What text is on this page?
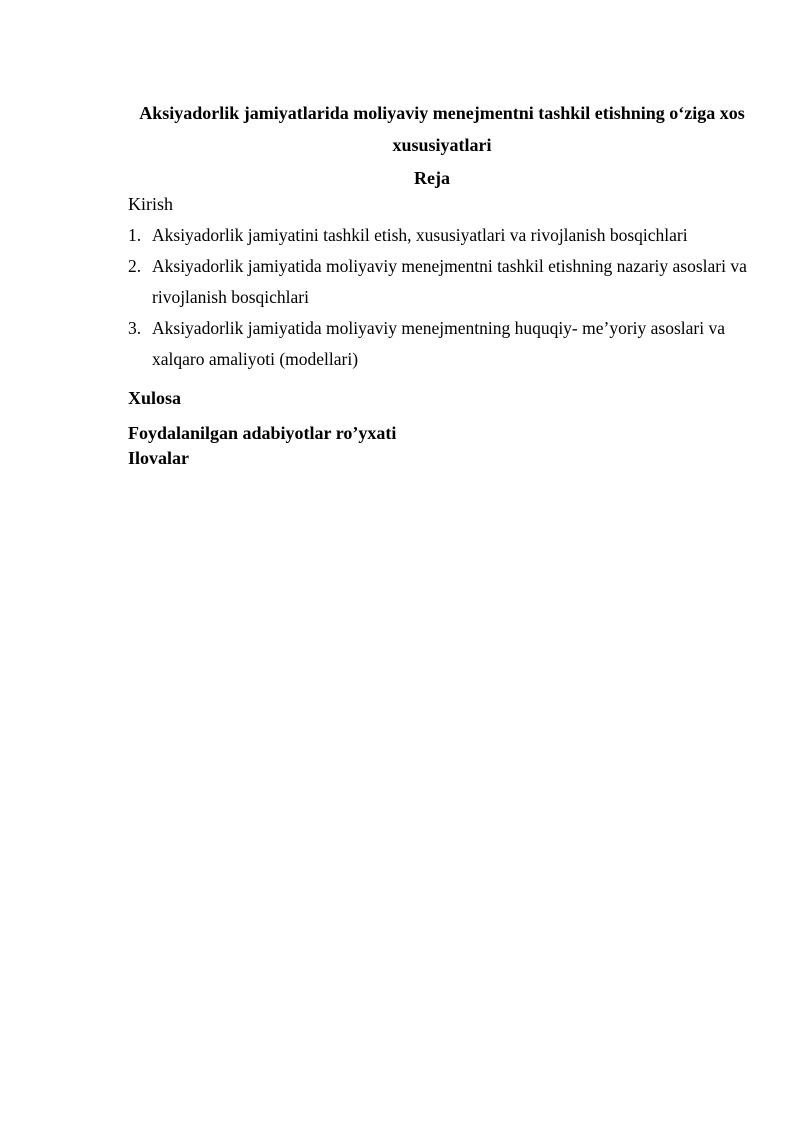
Aksiyadorlik jamiyatlarida moliyaviy menejmentni tashkil etishning o‘ziga xos xususiyatlari

Reja

Kirish

1. Aksiyadorlik jamiyatini tashkil etish, xususiyatlari va rivojlanish bosqichlari
2. Aksiyadorlik jamiyatida moliyaviy menejmentni tashkil etishning nazariy asoslari va rivojlanish bosqichlari
3. Aksiyadorlik jamiyatida moliyaviy menejmentning huquqiy- me’yoriy asoslari va xalqaro amaliyoti (modellari)

Xulosa

Foydalanilgan adabiyotlar ro’yxati

Ilovalar
